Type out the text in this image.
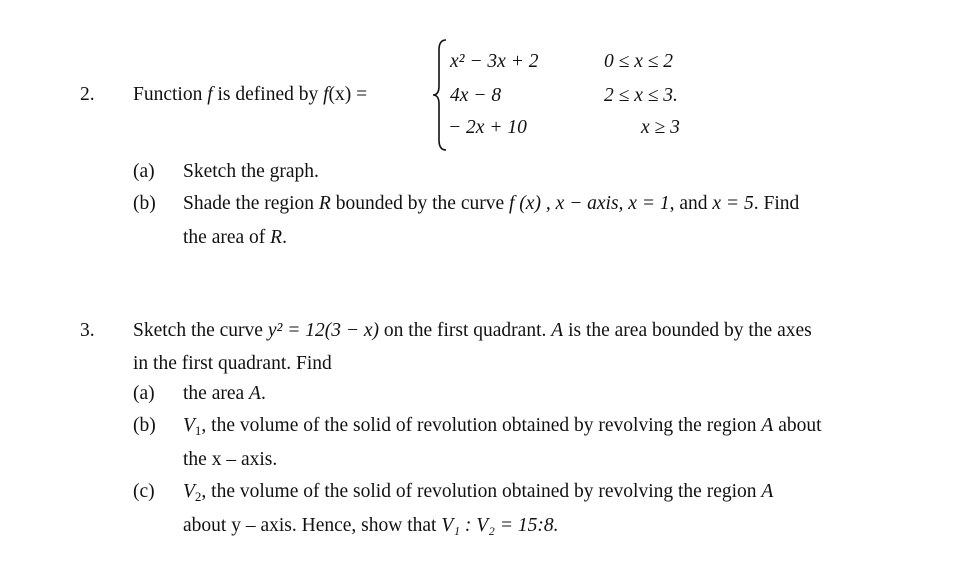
2. Function f is defined by f(x) =
x² − 3x + 2	0 ≤ x ≤ 2
4x − 8	2 ≤ x ≤ 3.
− 2x + 10	x ≥ 3
(a) Sketch the graph.
(b) Shade the region R bounded by the curve f (x) , x − axis, x = 1, and x = 5. Find
the area of R.
3. Sketch the curve y² = 12(3 − x) on the first quadrant. A is the area bounded by the axes
in the first quadrant. Find
(a) the area A.
(b) $V_1$, the volume of the solid of revolution obtained by revolving the region A about
the x – axis.
(c) $V_2$, the volume of the solid of revolution obtained by revolving the region A
about y – axis. Hence, show that V₁ : V₂ = 15:8.
